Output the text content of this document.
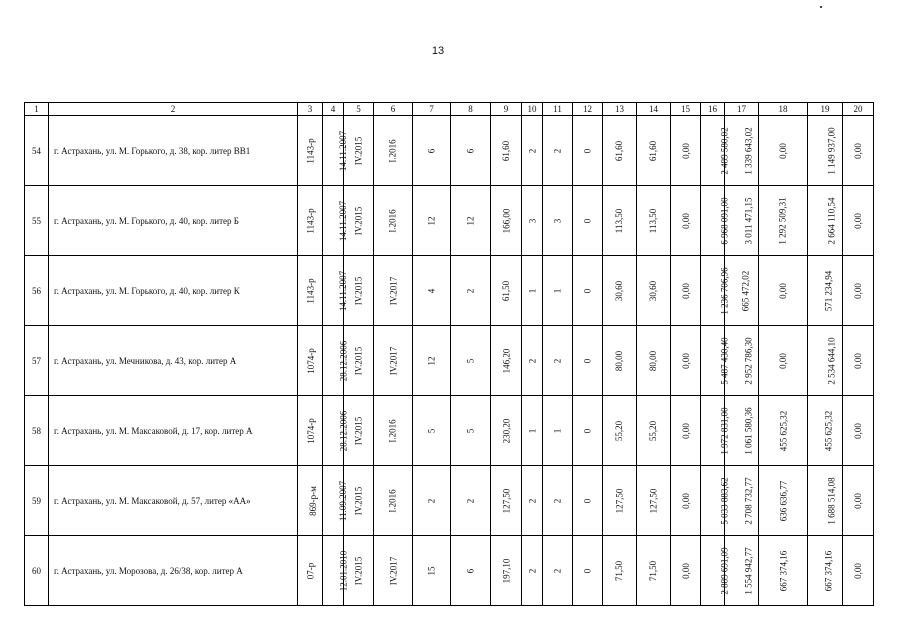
13
1	2	3	4	5	6	7	8	9	10	11	12	13	14	15	16	17	18	19	20
54	г. Астрахань, ул. М. Горького, д. 38, кор. литер ВВ1	1143-р	14.11.2007	IV.2015	I.2016	6	6	61,60	2	2	0	61,60	61,60	0,00	2 489 580,02	1 339 643,02	0,00	1 149 937,00	0,00
55	г. Астрахань, ул. М. Горького, д. 40, кор. литер Б	1143-р	14.11.2007	IV.2015	I.2016	12	12	166,00	3	3	0	113,50	113,50	0,00	6 968 091,00	3 011 471,15	1 292 509,31	2 664 110,54	0,00
56	г. Астрахань, ул. М. Горького, д. 40, кор. литер К	1143-р	14.11.2007	IV.2015	IV.2017	4	2	61,50	1	1	0	30,60	30,60	0,00	1 236 706,96	665 472,02	0,00	571 234,94	0,00
57	г. Астрахань, ул. Мечникова, д. 43, кор. литер А	1074-р	28.12.2006	IV.2015	IV.2017	12	5	146,20	2	2	0	80,00	80,00	0,00	5 487 430,40	2 952 786,30	0,00	2 534 644,10	0,00
58	г. Астрахань, ул. М. Максаковой, д. 17, кор. литер А	1074-р	28.12.2006	IV.2015	I.2016	5	5	230,20	1	1	0	55,20	55,20	0,00	1 972 831,00	1 061 580,36	455 625,32	455 625,32	0,00
59	г. Астрахань, ул. М. Максаковой, д. 57, литер «АА»	869-р-м	11.09.2007	IV.2015	I.2016	2	2	127,50	2	2	0	127,50	127,50	0,00	5 033 883,62	2 708 732,77	636 636,77	1 688 514,08	0,00
60	г. Астрахань, ул. Морозова, д. 26/38, кор. литер А	07-р	12.01.2010	IV.2015	IV.2017	15	6	197,10	2	2	0	71,50	71,50	0,00	2 889 691,09	1 554 942,77	667 374,16	667 374,16	0,00
